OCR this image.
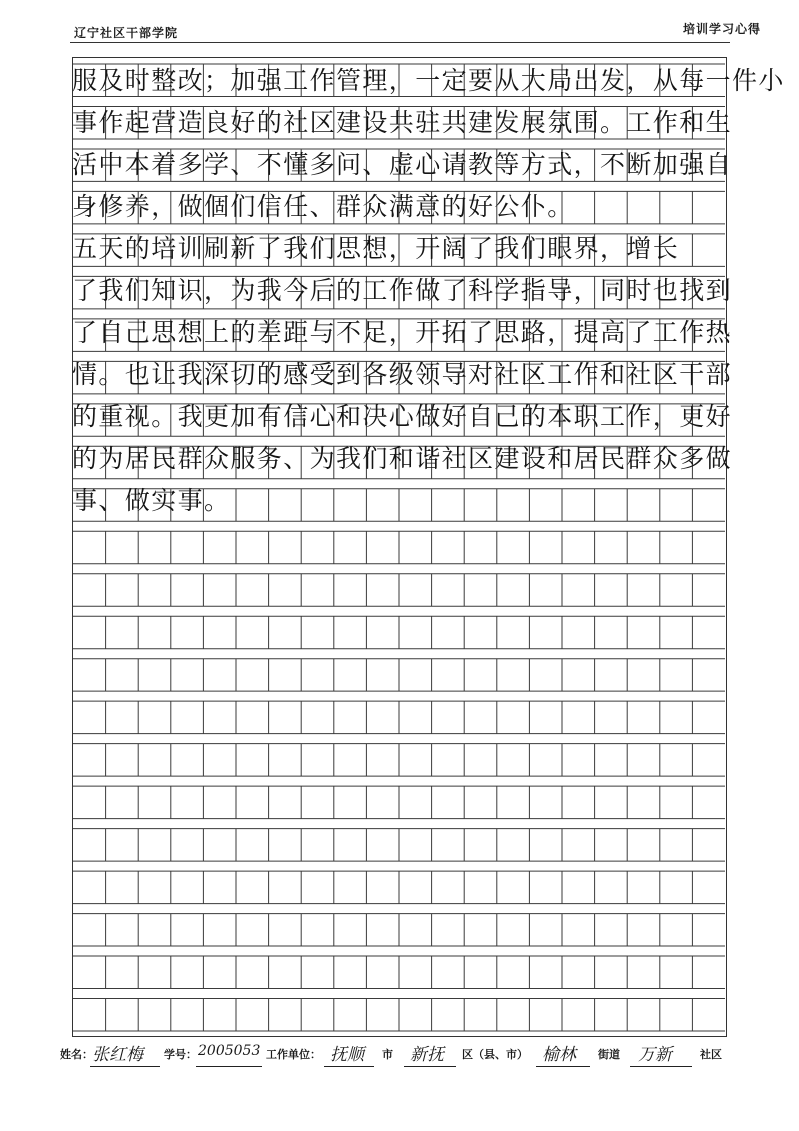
辽宁社区干部学院	培训学习心得
服及时整改；加强工作管理，一定要从大局出发，从每一件小
事作起营造良好的社区建设共驻共建发展氛围。工作和生
活中本着多学、不懂多问、虚心请教等方式，不断加强自
身修养，做個们信任、群众满意的好公仆。
五天的培训刷新了我们思想，开阔了我们眼界，增长
了我们知识，为我今后的工作做了科学指导，同时也找到
了自己思想上的差距与不足，开拓了思路，提高了工作热
情。也让我深切的感受到各级领导对社区工作和社区干部
的重视。我更加有信心和决心做好自己的本职工作，更好
的为居民群众服务、为我们和谐社区建设和居民群众多做
事、做实事。
姓名： 张红梅 学号： 2005053 工作单位： 抚顺 市 新抚 区（县、市） 榆林 街道 万新	社区
